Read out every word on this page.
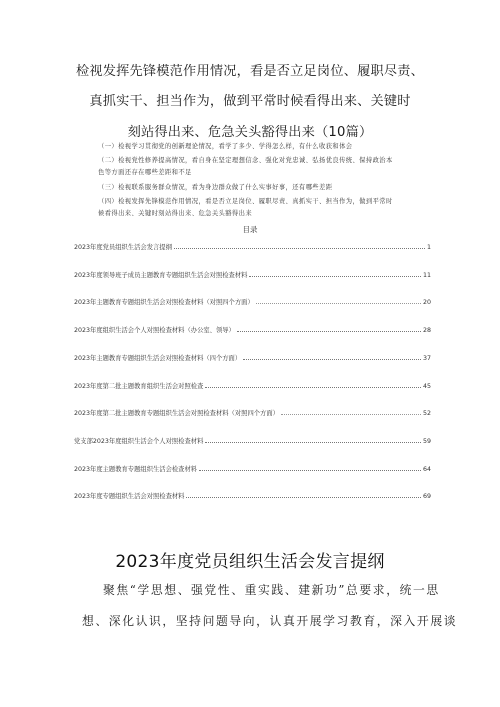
检视发挥先锋模范作用情况，看是否立足岗位、履职尽责、
真抓实干、担当作为，做到平常时候看得出来、关键时
刻站得出来、危急关头豁得出来（10篇）
（一）检视学习贯彻党的创新理论情况，看学了多少、学得怎么样，有什么收获和体会
（二）检视党性修养提高情况，看自身在坚定理想信念、强化对党忠诚、弘扬优良传统、保持政治本
色等方面还存在哪些差距和不足
（三）检视联系服务群众情况，看为身边群众做了什么实事好事，还有哪些差距
（四）检视发挥先锋模范作用情况，看是否立足岗位、履职尽责、真抓实干、担当作为，做到平常时
候看得出来、关键时刻站得出来、危急关头豁得出来
目录
2023年度党员组织生活会发言提纲	1
2023年度领导班子成员主题教育专题组织生活会对照检查材料	11
2023年主题教育专题组织生活会对照检查材料（对照四个方面）	20
2023年度组织生活会个人对照检查材料（办公室、领导）	28
2023年主题教育专题组织生活会对照检查材料（四个方面）	37
2023年度第二批主题教育组织生活会对照检查	45
2023年度第二批主题教育专题组织生活会对照检查材料（对照四个方面）	52
党支部2023年度组织生活会个人对照检查材料	59
2023年度主题教育专题组织生活会检查材料	64
2023年度专题组织生活会对照检查材料	69
2023年度党员组织生活会发言提纲
聚焦“学思想、强党性、重实践、建新功”总要求，统一思
想、深化认识，坚持问题导向，认真开展学习教育，深入开展谈
